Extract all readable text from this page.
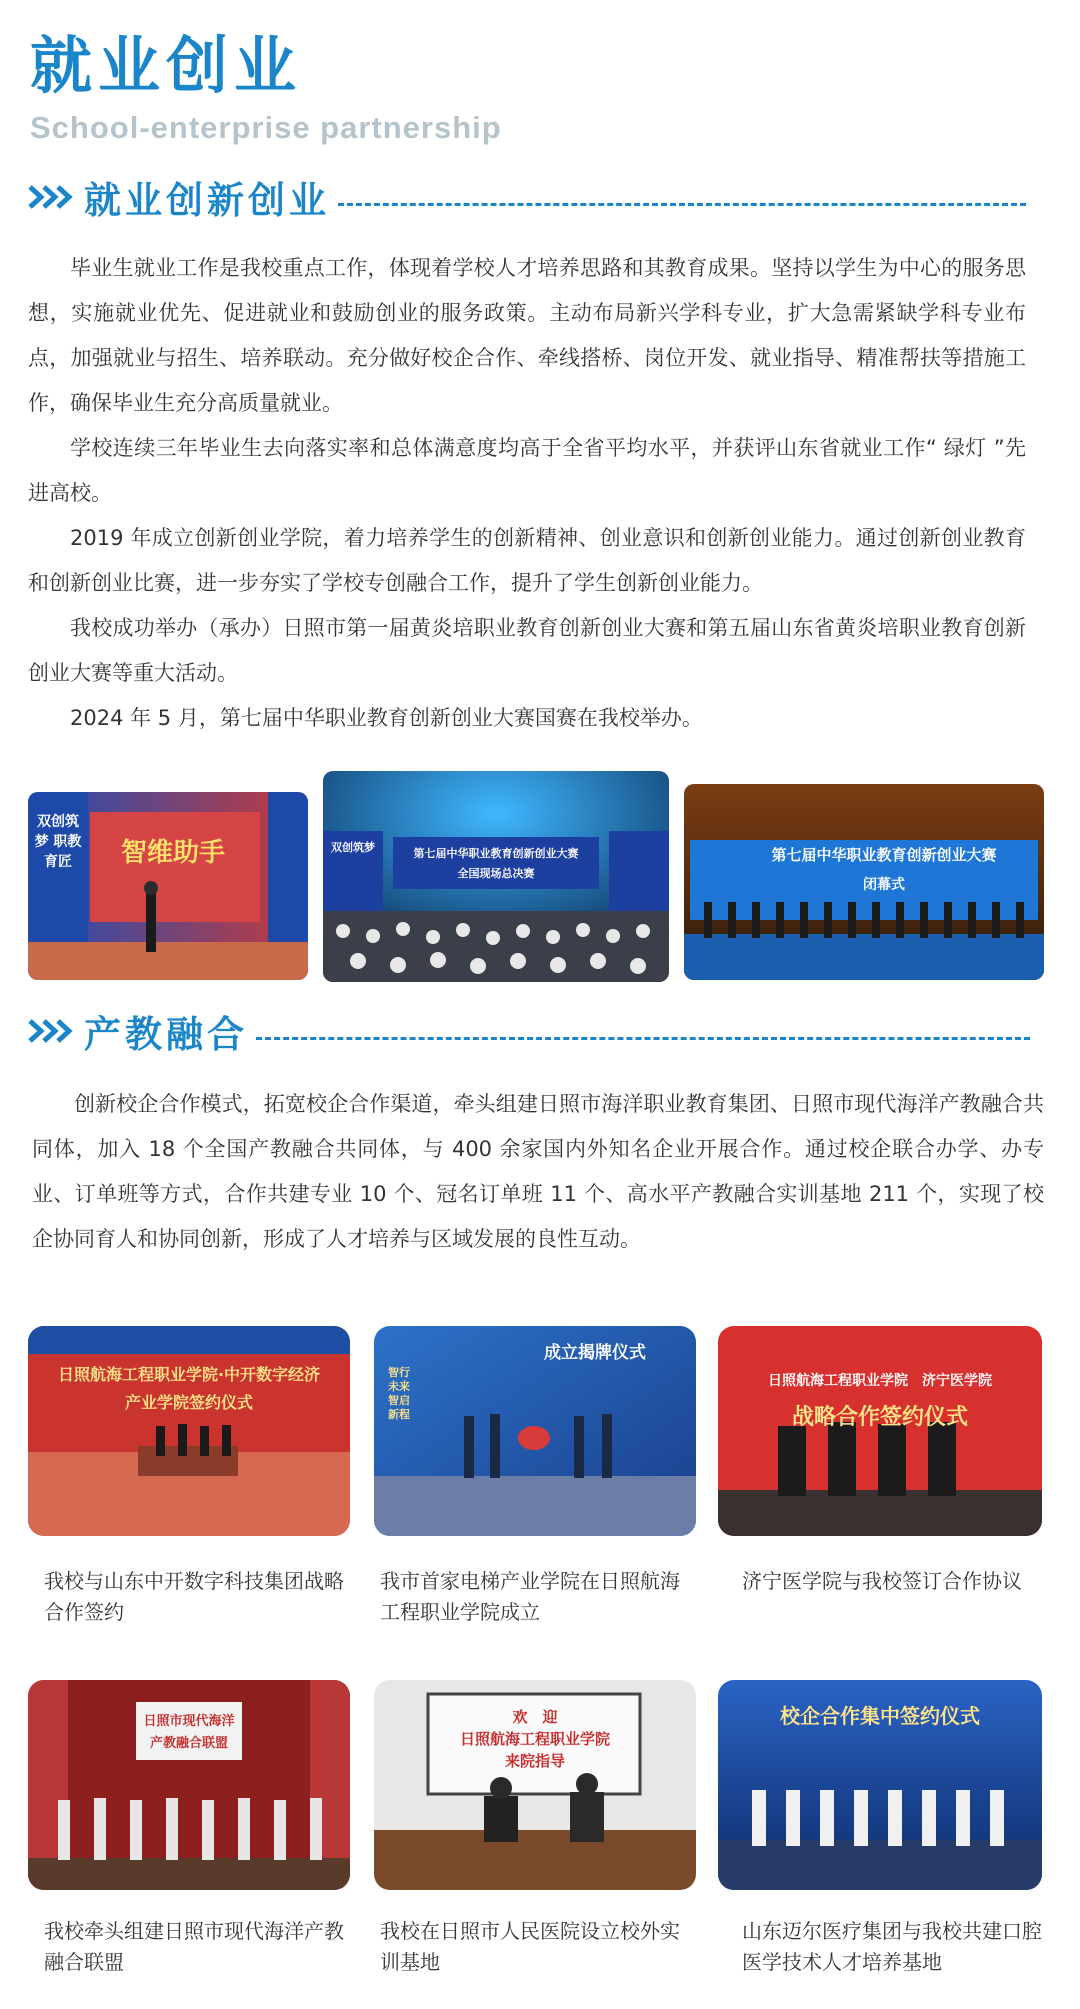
就业创业
School-enterprise partnership
就业创新创业

毕业生就业工作是我校重点工作，体现着学校人才培养思路和其教育成果。坚持以学生为中心的服务思想，实施就业优先、促进就业和鼓励创业的服务政策。主动布局新兴学科专业，扩大急需紧缺学科专业布点，加强就业与招生、培养联动。充分做好校企合作、牵线搭桥、岗位开发、就业指导、精准帮扶等措施工作，确保毕业生充分高质量就业。

学校连续三年毕业生去向落实率和总体满意度均高于全省平均水平，并获评山东省就业工作“ 绿灯 ”先进高校。

2019 年成立创新创业学院，着力培养学生的创新精神、创业意识和创新创业能力。通过创新创业教育和创新创业比赛，进一步夯实了学校专创融合工作，提升了学生创新创业能力。

我校成功举办（承办）日照市第一届黄炎培职业教育创新创业大赛和第五届山东省黄炎培职业教育创新创业大赛等重大活动。

2024 年 5 月，第七届中华职业教育创新创业大赛国赛在我校举办。

智维助手
双创筑梦 职教育匠
第七届中华职业教育创新创业大赛
全国现场总决赛
双创筑梦	第七届中华职业教育创新创业大赛
闭幕式
产教融合

创新校企合作模式，拓宽校企合作渠道，牵头组建日照市海洋职业教育集团、日照市现代海洋产教融合共同体，加入 18 个全国产教融合共同体，与 400 余家国内外知名企业开展合作。通过校企联合办学、办专业、订单班等方式，合作共建专业 10 个、冠名订单班 11 个、高水平产教融合实训基地 211 个，实现了校企协同育人和协同创新，形成了人才培养与区域发展的良性互动。

日照航海工程职业学院·中开数字经济
产业学院签约仪式
成立揭牌仪式
智行未来 智启新程
日照航海工程职业学院　济宁医学院
战略合作签约仪式
我校与山东中开数字科技集团战略合作签约
我市首家电梯产业学院在日照航海工程职业学院成立
济宁医学院与我校签订合作协议
日照市现代海洋
产教融合联盟
欢　迎
日照航海工程职业学院
来院指导
校企合作集中签约仪式
我校牵头组建日照市现代海洋产教融合联盟
我校在日照市人民医院设立校外实训基地
山东迈尔医疗集团与我校共建口腔医学技术人才培养基地
